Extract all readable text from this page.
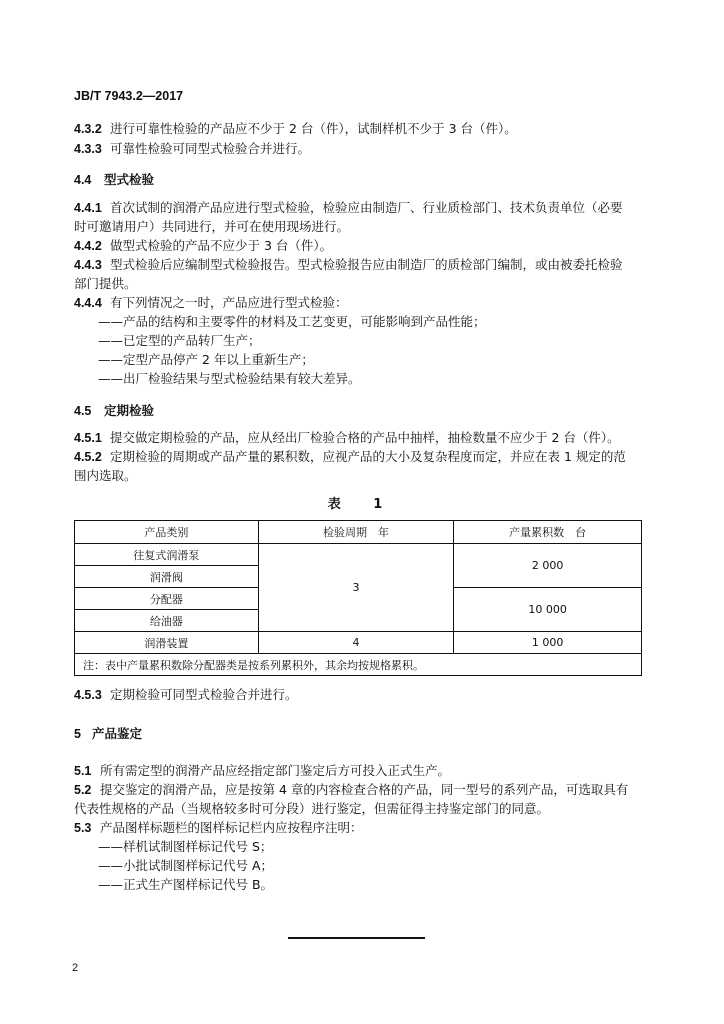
JB/T 7943.2—2017
4.3.2 进行可靠性检验的产品应不少于 2 台（件），试制样机不少于 3 台（件）。
4.3.3 可靠性检验可同型式检验合并进行。
4.4 型式检验
4.4.1 首次试制的润滑产品应进行型式检验，检验应由制造厂、行业质检部门、技术负责单位（必要
时可邀请用户）共同进行，并可在使用现场进行。
4.4.2 做型式检验的产品不应少于 3 台（件）。
4.4.3 型式检验后应编制型式检验报告。型式检验报告应由制造厂的质检部门编制，或由被委托检验
部门提供。
4.4.4 有下列情况之一时，产品应进行型式检验：
——产品的结构和主要零件的材料及工艺变更，可能影响到产品性能；
——已定型的产品转厂生产；
——定型产品停产 2 年以上重新生产；
——出厂检验结果与型式检验结果有较大差异。
4.5 定期检验
4.5.1 提交做定期检验的产品，应从经出厂检验合格的产品中抽样，抽检数量不应少于 2 台（件）。
4.5.2 定期检验的周期或产品产量的累积数，应视产品的大小及复杂程度而定，并应在表 1 规定的范
围内选取。
表 1
产品类别	检验周期　年	产量累积数　台
往复式润滑泵	3	2 000
润滑阀		
分配器		10 000
给油器		
润滑装置	4	1 000
注：表中产量累积数除分配器类是按系列累积外，其余均按规格累积。		
4.5.3 定期检验可同型式检验合并进行。
5 产品鉴定
5.1 所有需定型的润滑产品应经指定部门鉴定后方可投入正式生产。
5.2 提交鉴定的润滑产品，应是按第 4 章的内容检查合格的产品，同一型号的系列产品，可选取具有
代表性规格的产品（当规格较多时可分段）进行鉴定，但需征得主持鉴定部门的同意。
5.3 产品图样标题栏的图样标记栏内应按程序注明：
——样机试制图样标记代号 S；
——小批试制图样标记代号 A；
——正式生产图样标记代号 B。
2
